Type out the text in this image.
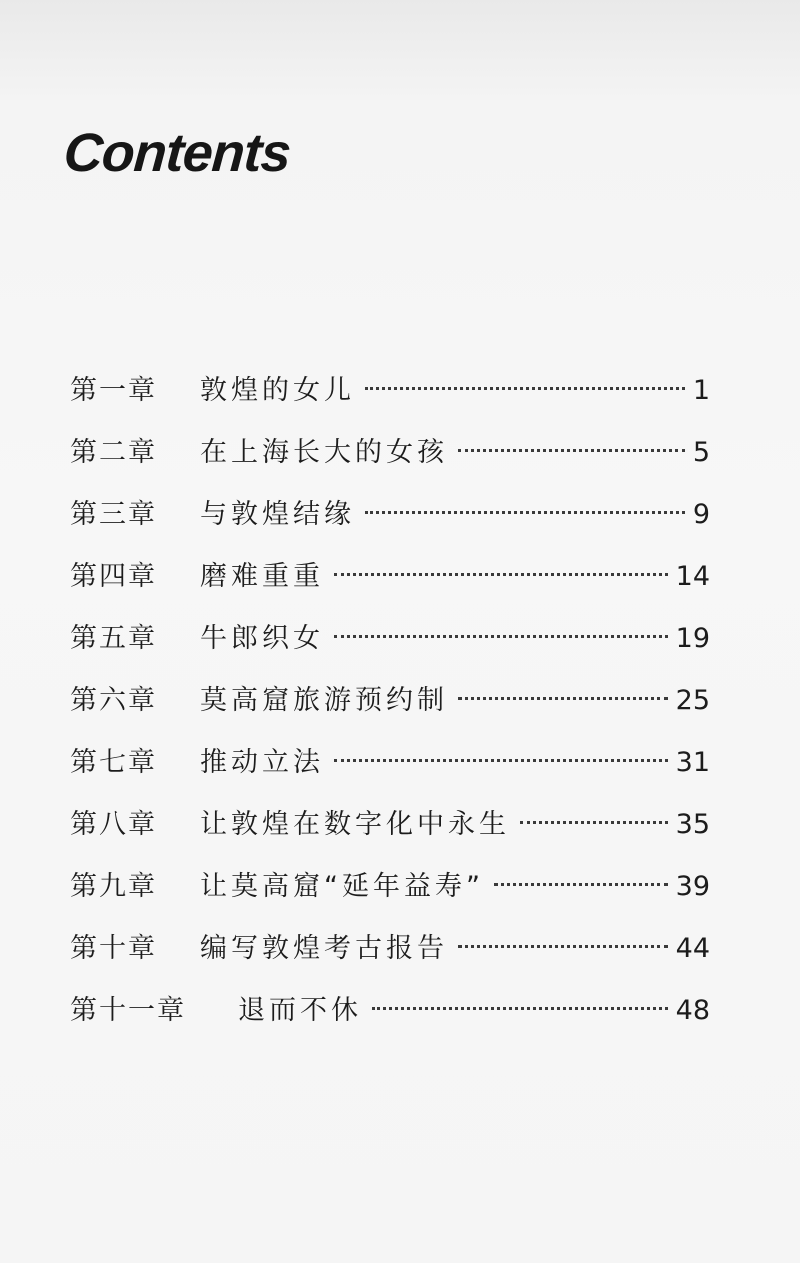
Contents
第一章	敦煌的女儿	1
第二章	在上海长大的女孩	5
第三章	与敦煌结缘	9
第四章	磨难重重	14
第五章	牛郎织女	19
第六章	莫高窟旅游预约制	25
第七章	推动立法	31
第八章	让敦煌在数字化中永生	35
第九章	让莫高窟“延年益寿”	39
第十章	编写敦煌考古报告	44
第十一章	退而不休	48
